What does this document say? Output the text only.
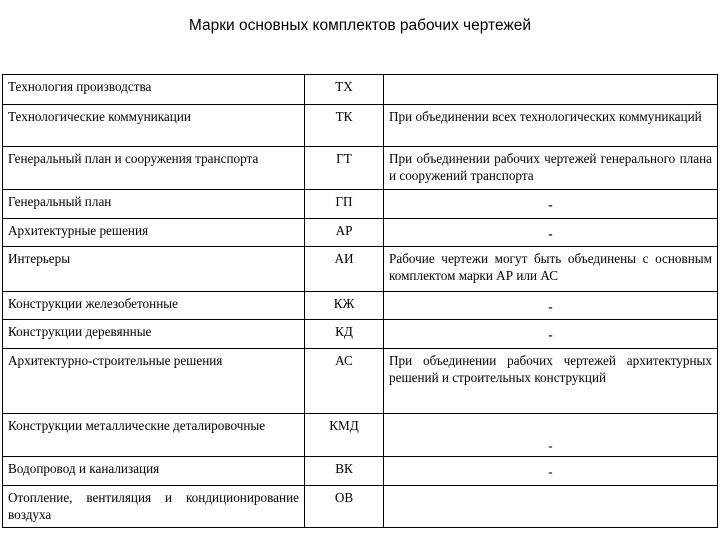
Марки основных комплектов рабочих чертежей
Технология производства	ТХ	
Технологические коммуникации	ТК	При объединении всех технологических коммуникаций
Генеральный план и сооружения транспорта	ГТ	При объединении рабочих чертежей генерального плана и сооружений транспорта
Генеральный план	ГП	-
Архитектурные решения	АР	-
Интерьеры	АИ	Рабочие чертежи могут быть объединены с основным комплектом марки АР или АС
Конструкции железобетонные	КЖ	-
Конструкции деревянные	КД	-
Архитектурно-строительные решения	АС	При объединении рабочих чертежей архитектурных решений и строительных конструкций
Конструкции металлические деталировочные	КМД	-
Водопровод и канализация	ВК	-
Отопление, вентиляция и кондиционирование воздуха	ОВ	
